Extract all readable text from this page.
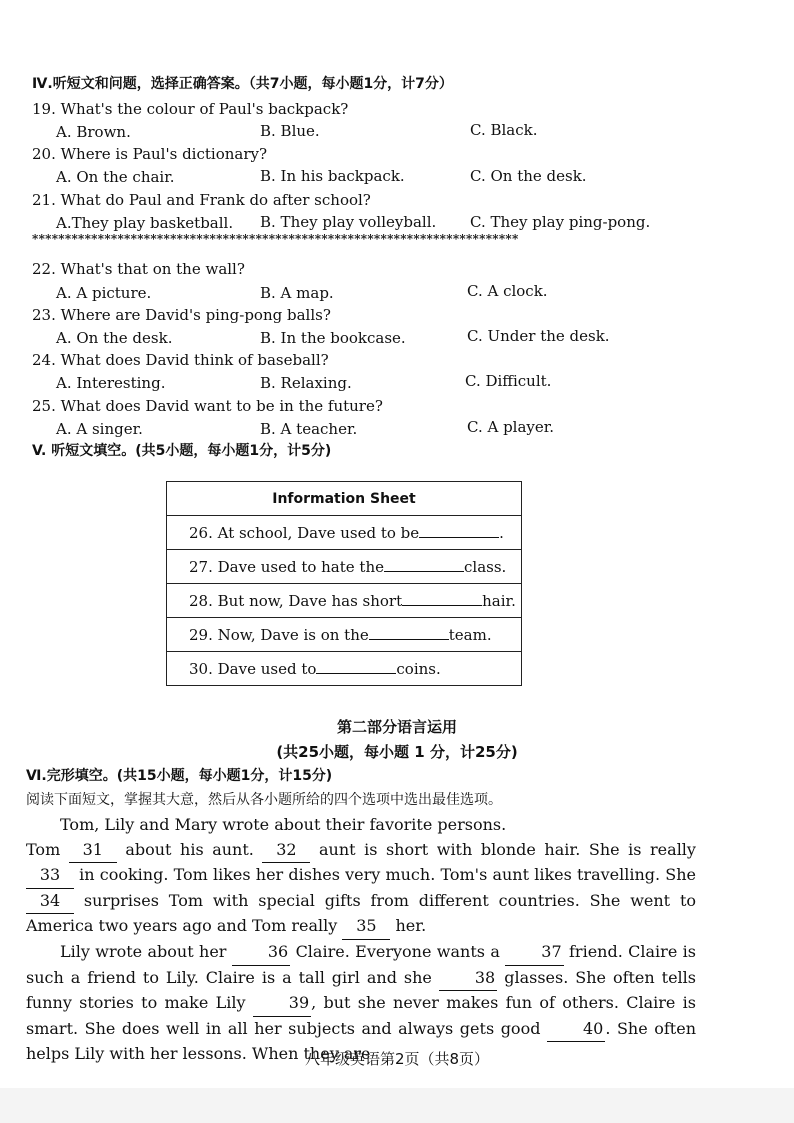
Ⅳ.听短文和问题，选择正确答案。（共7小题，每小题1分，计7分）
19. What's the colour of Paul's backpack?
A. Brown.	B. Blue.	C. Black.
20. Where is Paul's dictionary?
A. On the chair.	B. In his backpack.	C. On the desk.
21. What do Paul and Frank do after school?
A.They play basketball. B. They play volleyball. C. They play ping-pong.
**************************************************************************
22. What's that on the wall?
A. A picture.	B. A map.	C. A clock.
23. Where are David's ping-pong balls?
A. On the desk.	B. In the bookcase.	C. Under the desk.
24. What does David think of baseball?
A. Interesting.	B. Relaxing.	C. Difficult.
25. What does David want to be in the future?
A. A singer.	B. A teacher.	C. A player.
V. 听短文填空。(共5小题，每小题1分，计5分)
Information Sheet
26. At school, Dave used to be	.
27. Dave used to hate the	class.
28. But now, Dave has short	hair.
29. Now, Dave is on the	team.
30. Dave used to	coins.
第二部分语言运用
(共25小题，每小题 1 分，计25分)
Ⅵ.完形填空。(共15小题，每小题1分，计15分)
阅读下面短文，掌握其大意，然后从各小题所给的四个选项中选出最佳选项。

Tom, Lily and Mary wrote about their favorite persons.

Tom 31 about his aunt. 32 aunt is short with blonde hair. She is really 33 in cooking. Tom likes her dishes very much. Tom's aunt likes travelling. She 34 surprises Tom with special gifts from different countries. She went to America two years ago and Tom really 35 her.

Lily wrote about her	36 Claire. Everyone wants a	37 friend. Claire is such a friend to Lily. Claire is a tall girl and she	38 glasses. She often tells funny stories to make Lily	39 , but she never makes fun of others. Claire is smart. She does well in all her subjects and always gets good	40 . She often helps Lily with her lessons. When they are

八年级英语第2页（共8页）
